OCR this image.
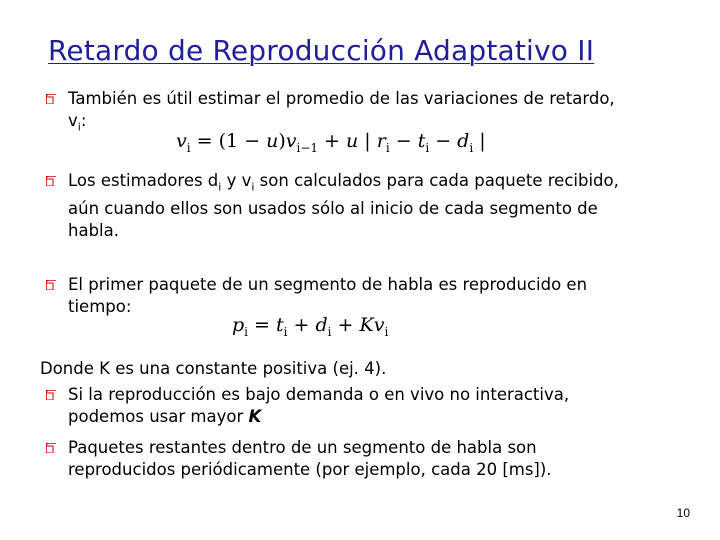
Retardo de Reproducción Adaptativo II
También es útil estimar el promedio de las variaciones de retardo,
$v_i$:
$v_i = (1 - u)v_{i-1} + u$ | $r_i - t_i - d_i$ |
Los estimadores $d_i$ y $v_i$ son calculados para cada paquete recibido,
aún cuando ellos son usados sólo al inicio de cada segmento de
habla.
El primer paquete de un segmento de habla es reproducido en
tiempo:
$p_i = t_i + d_i + Kv_i$
Donde K es una constante positiva (ej. 4).
Si la reproducción es bajo demanda o en vivo no interactiva,
podemos usar mayor K
Paquetes restantes dentro de un segmento de habla son
reproducidos periódicamente (por ejemplo, cada 20 [ms]).
10
